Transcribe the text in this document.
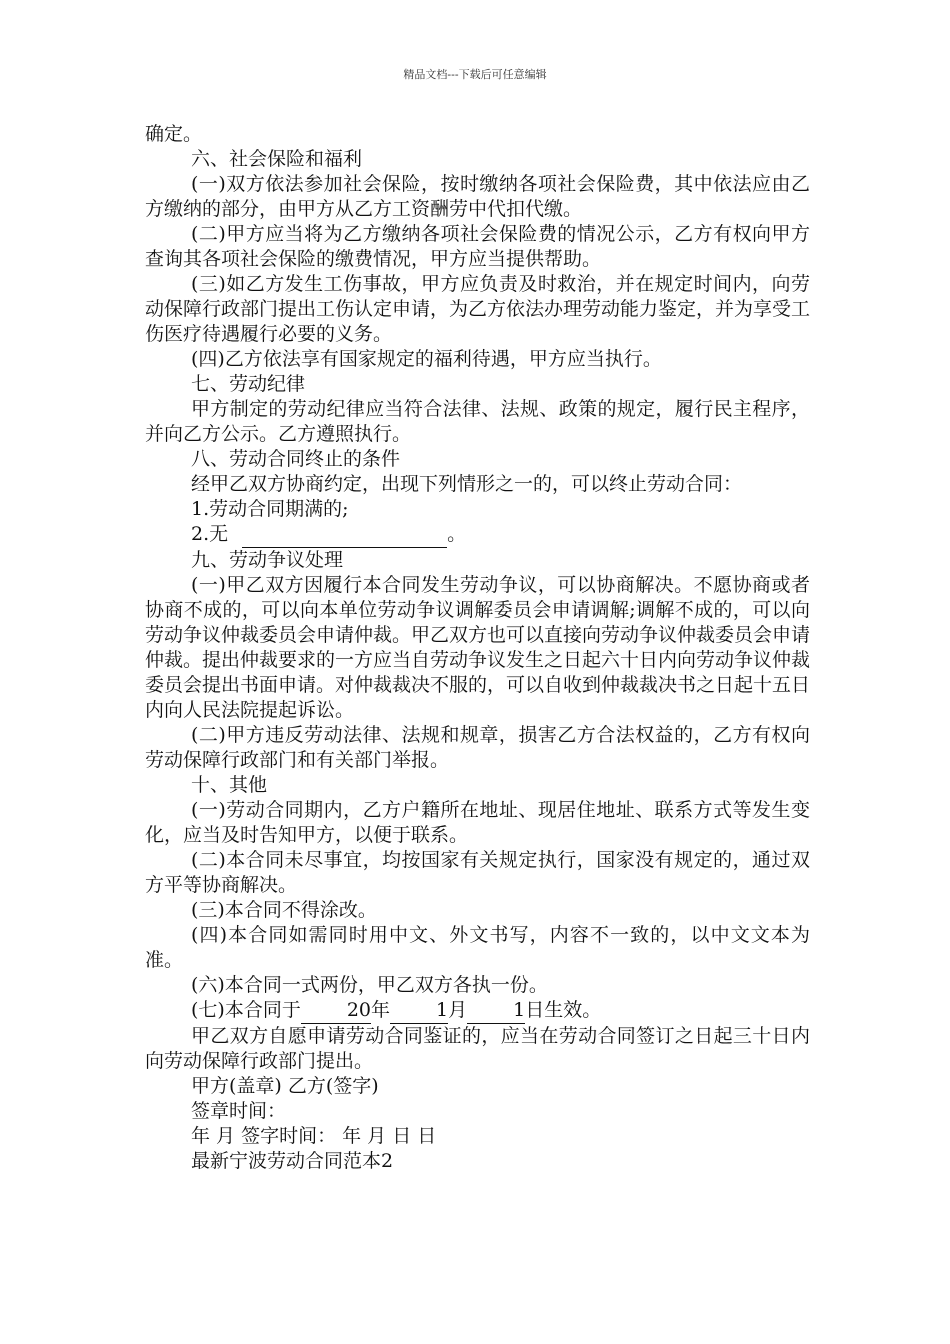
精品文档---下载后可任意编辑

确定。

六、社会保险和福利

(一)双方依法参加社会保险，按时缴纳各项社会保险费，其中依法应由乙方缴纳的部分，由甲方从乙方工资酬劳中代扣代缴。

(二)甲方应当将为乙方缴纳各项社会保险费的情况公示，乙方有权向甲方查询其各项社会保险的缴费情况，甲方应当提供帮助。

(三)如乙方发生工伤事故，甲方应负责及时救治，并在规定时间内，向劳动保障行政部门提出工伤认定申请，为乙方依法办理劳动能力鉴定，并为享受工伤医疗待遇履行必要的义务。

(四)乙方依法享有国家规定的福利待遇，甲方应当执行。

七、劳动纪律

甲方制定的劳动纪律应当符合法律、法规、政策的规定，履行民主程序，并向乙方公示。乙方遵照执行。

八、劳动合同终止的条件

经甲乙双方协商约定，出现下列情形之一的，可以终止劳动合同：

1.劳动合同期满的;

2.无	。

九、劳动争议处理

(一)甲乙双方因履行本合同发生劳动争议，可以协商解决。不愿协商或者协商不成的，可以向本单位劳动争议调解委员会申请调解;调解不成的，可以向劳动争议仲裁委员会申请仲裁。甲乙双方也可以直接向劳动争议仲裁委员会申请仲裁。提出仲裁要求的一方应当自劳动争议发生之日起六十日内向劳动争议仲裁委员会提出书面申请。对仲裁裁决不服的，可以自收到仲裁裁决书之日起十五日内向人民法院提起诉讼。

(二)甲方违反劳动法律、法规和规章，损害乙方合法权益的，乙方有权向劳动保障行政部门和有关部门举报。

十、其他

(一)劳动合同期内，乙方户籍所在地址、现居住地址、联系方式等发生变化，应当及时告知甲方，以便于联系。

(二)本合同未尽事宜，均按国家有关规定执行，国家没有规定的，通过双方平等协商解决。

(三)本合同不得涂改。

(四)本合同如需同时用中文、外文书写，内容不一致的，以中文文本为准。

(六)本合同一式两份，甲乙双方各执一份。

(七)本合同于 20年 1月 1日生效。

甲乙双方自愿申请劳动合同鉴证的，应当在劳动合同签订之日起三十日内向劳动保障行政部门提出。

甲方(盖章) 乙方(签字)

签章时间：

年 月 签字时间： 年 月 日 日

最新宁波劳动合同范本2
